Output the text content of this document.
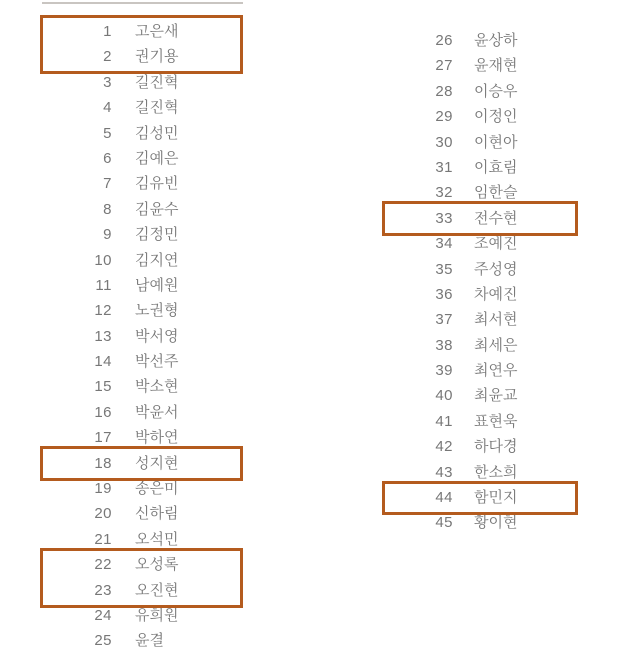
1 고은새
2 권기용
3 길진혁
4 길진혁
5 김성민
6 김예은
7 김유빈
8 김윤수
9 김정민
10 김지연
11 남예원
12 노권형
13 박서영
14 박선주
15 박소현
16 박윤서
17 박하연
18 성지현
19 송은미
20 신하림
21 오석민
22 오성록
23 오진현
24 유희원
25 윤결
26 윤상하
27 윤재현
28 이승우
29 이정인
30 이현아
31 이효림
32 임한슬
33 전수현
34 조예진
35 주성영
36 차예진
37 최서현
38 최세은
39 최연우
40 최윤교
41 표현욱
42 하다경
43 한소희
44 함민지
45 황이현
